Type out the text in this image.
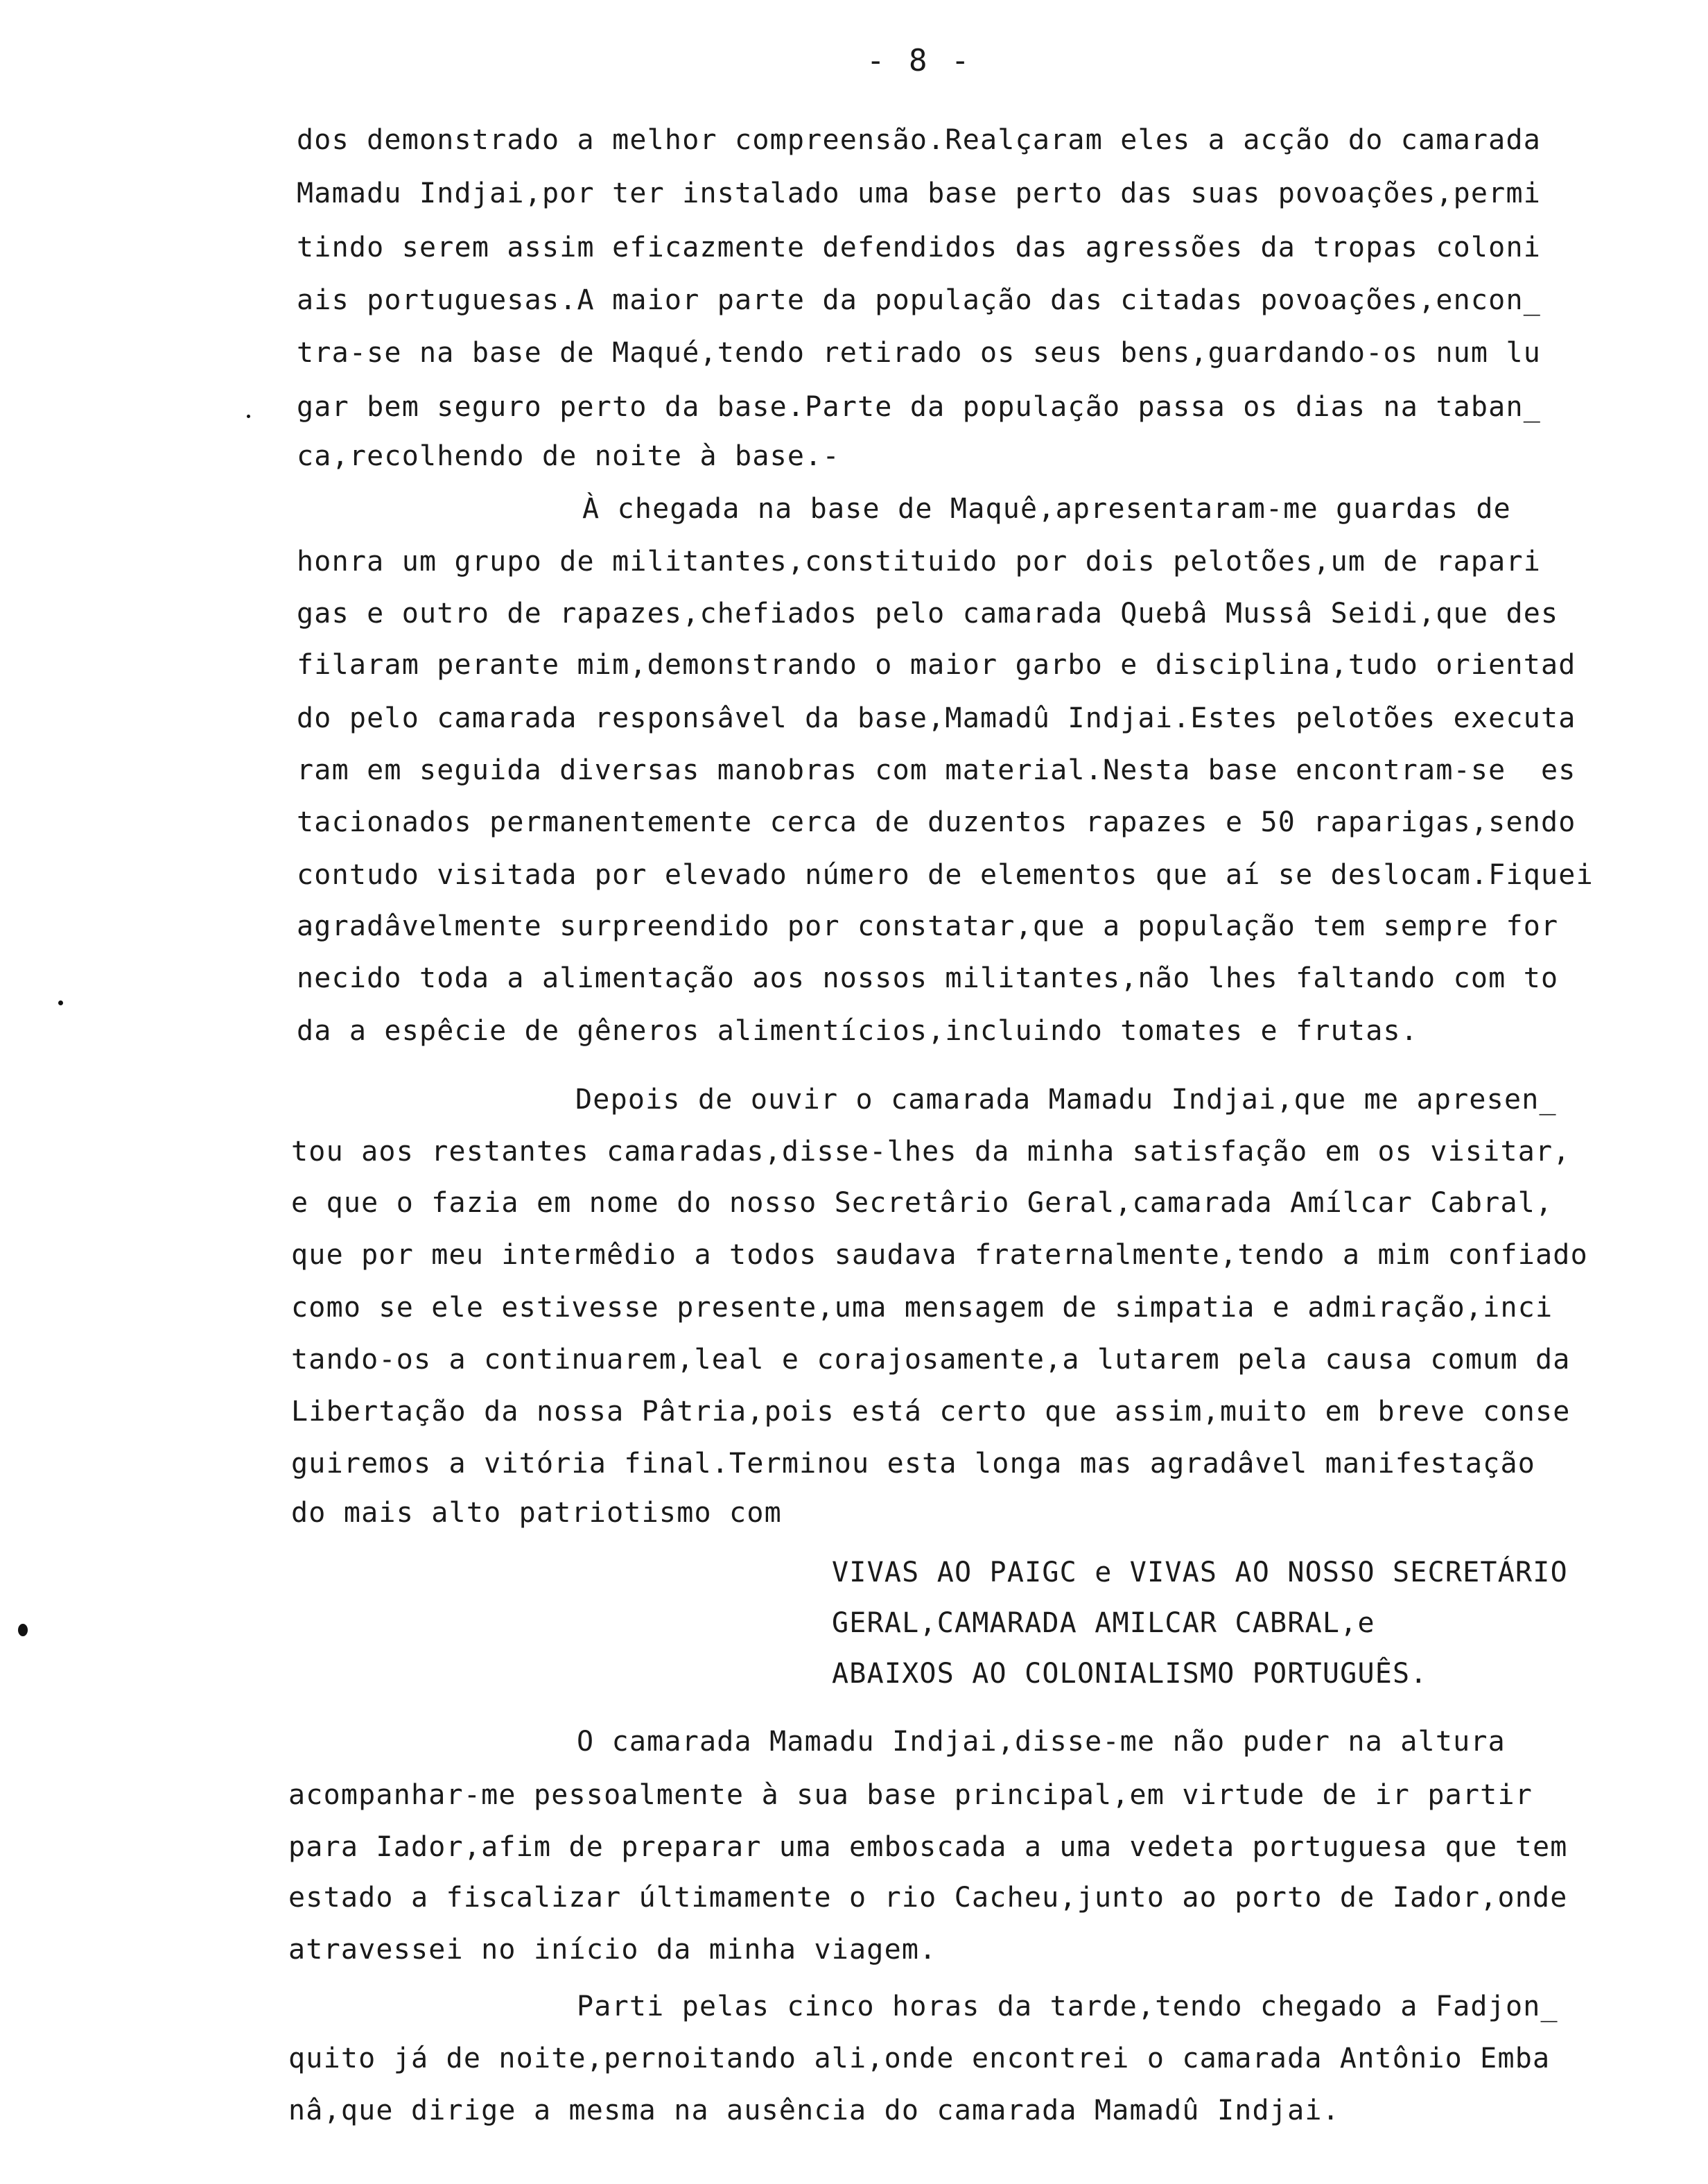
- 8 -
dos demonstrado a melhor compreensão.Realçaram eles a acção do camarada
Mamadu Indjai,por ter instalado uma base perto das suas povoações,permi
tindo serem assim eficazmente defendidos das agressões da tropas coloni
ais portuguesas.A maior parte da população das citadas povoações,encon_
tra-se na base de Maqué,tendo retirado os seus bens,guardando-os num lu
gar bem seguro perto da base.Parte da população passa os dias na taban_
ca,recolhendo de noite à base.-
À chegada na base de Maquê,apresentaram-me guardas de
honra um grupo de militantes,constituido por dois pelotões,um de rapari
gas e outro de rapazes,chefiados pelo camarada Quebâ Mussâ Seidi,que des
filaram perante mim,demonstrando o maior garbo e disciplina,tudo orientad
do pelo camarada responsâvel da base,Mamadû Indjai.Estes pelotões executa
ram em seguida diversas manobras com material.Nesta base encontram-se  es
tacionados permanentemente cerca de duzentos rapazes e 50 raparigas,sendo
contudo visitada por elevado número de elementos que aí se deslocam.Fiquei
agradâvelmente surpreendido por constatar,que a população tem sempre for
necido toda a alimentação aos nossos militantes,não lhes faltando com to
da a espêcie de gêneros alimentícios,incluindo tomates e frutas.
Depois de ouvir o camarada Mamadu Indjai,que me apresen_
tou aos restantes camaradas,disse-lhes da minha satisfação em os visitar,
e que o fazia em nome do nosso Secretârio Geral,camarada Amílcar Cabral,
que por meu intermêdio a todos saudava fraternalmente,tendo a mim confiado
como se ele estivesse presente,uma mensagem de simpatia e admiração,inci
tando-os a continuarem,leal e corajosamente,a lutarem pela causa comum da
Libertação da nossa Pâtria,pois está certo que assim,muito em breve conse
guiremos a vitória final.Terminou esta longa mas agradâvel manifestação
do mais alto patriotismo com
VIVAS AO PAIGC e VIVAS AO NOSSO SECRETÁRIO
GERAL,CAMARADA AMILCAR CABRAL,e
ABAIXOS AO COLONIALISMO PORTUGUÊS.
O camarada Mamadu Indjai,disse-me não puder na altura
acompanhar-me pessoalmente à sua base principal,em virtude de ir partir
para Iador,afim de preparar uma emboscada a uma vedeta portuguesa que tem
estado a fiscalizar últimamente o rio Cacheu,junto ao porto de Iador,onde
atravessei no início da minha viagem.
Parti pelas cinco horas da tarde,tendo chegado a Fadjon_
quito já de noite,pernoitando ali,onde encontrei o camarada Antônio Emba
nâ,que dirige a mesma na ausência do camarada Mamadû Indjai.
